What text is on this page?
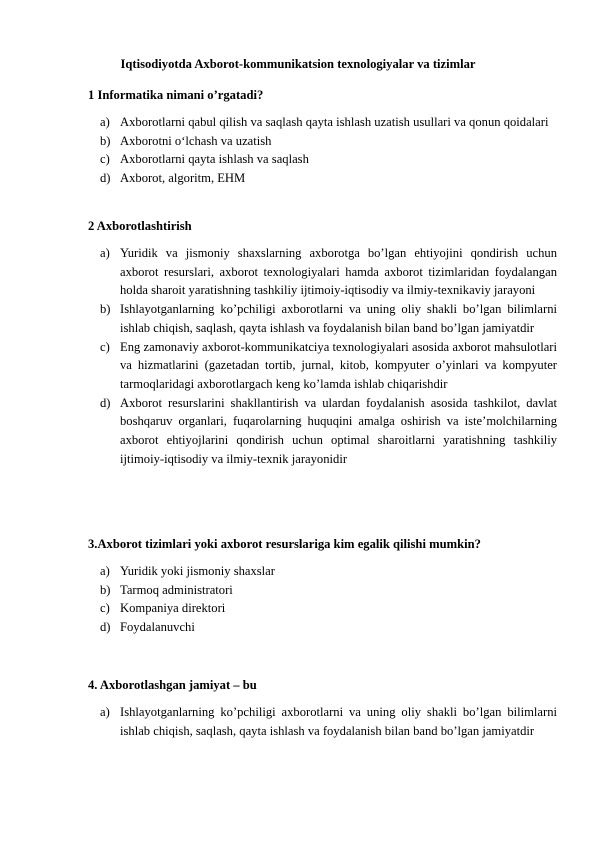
Iqtisodiyotda Axborot-kommunikatsion texnologiyalar va tizimlar
1 Informatika nimani o’rgatadi?
a) Axborotlarni qabul qilish va saqlash qayta ishlash uzatish usullari va qonun qoidalari
b) Axborotni o‘lchash va uzatish
c) Axborotlarni qayta ishlash va saqlash
d) Axborot, algoritm, EHM
2 Axborotlashtirish
a) Yuridik va jismoniy shaxslarning axborotga bo’lgan ehtiyojini qondirish uchun axborot resurslari, axborot texnologiyalari hamda axborot tizimlaridan foydalangan holda sharoit yaratishning tashkiliy ijtimoiy-iqtisodiy va ilmiy-texnikaviy jarayoni
b) Ishlayotganlarning ko’pchiligi axborotlarni va uning oliy shakli bo’lgan bilimlarni ishlab chiqish, saqlash, qayta ishlash va foydalanish bilan band bo’lgan jamiyatdir
c) Eng zamonaviy axborot-kommunikatciya texnologiyalari asosida axborot mahsulotlari va hizmatlarini (gazetadan tortib, jurnal, kitob, kompyuter o’yinlari va kompyuter tarmoqlaridagi axborotlargach keng ko’lamda ishlab chiqarishdir
d) Axborot resurslarini shakllantirish va ulardan foydalanish asosida tashkilot, davlat boshqaruv organlari, fuqarolarning huquqini amalga oshirish va iste’molchilarning axborot ehtiyojlarini qondirish uchun optimal sharoitlarni yaratishning tashkiliy ijtimoiy-iqtisodiy va ilmiy-texnik jarayonidir
3.Axborot tizimlari yoki axborot resurslariga kim egalik qilishi mumkin?
a) Yuridik yoki jismoniy shaxslar
b) Tarmoq administratori
c) Kompaniya direktori
d) Foydalanuvchi
4. Axborotlashgan jamiyat – bu
a) Ishlayotganlarning ko’pchiligi axborotlarni va uning oliy shakli bo’lgan bilimlarni ishlab chiqish, saqlash, qayta ishlash va foydalanish bilan band bo’lgan jamiyatdir
